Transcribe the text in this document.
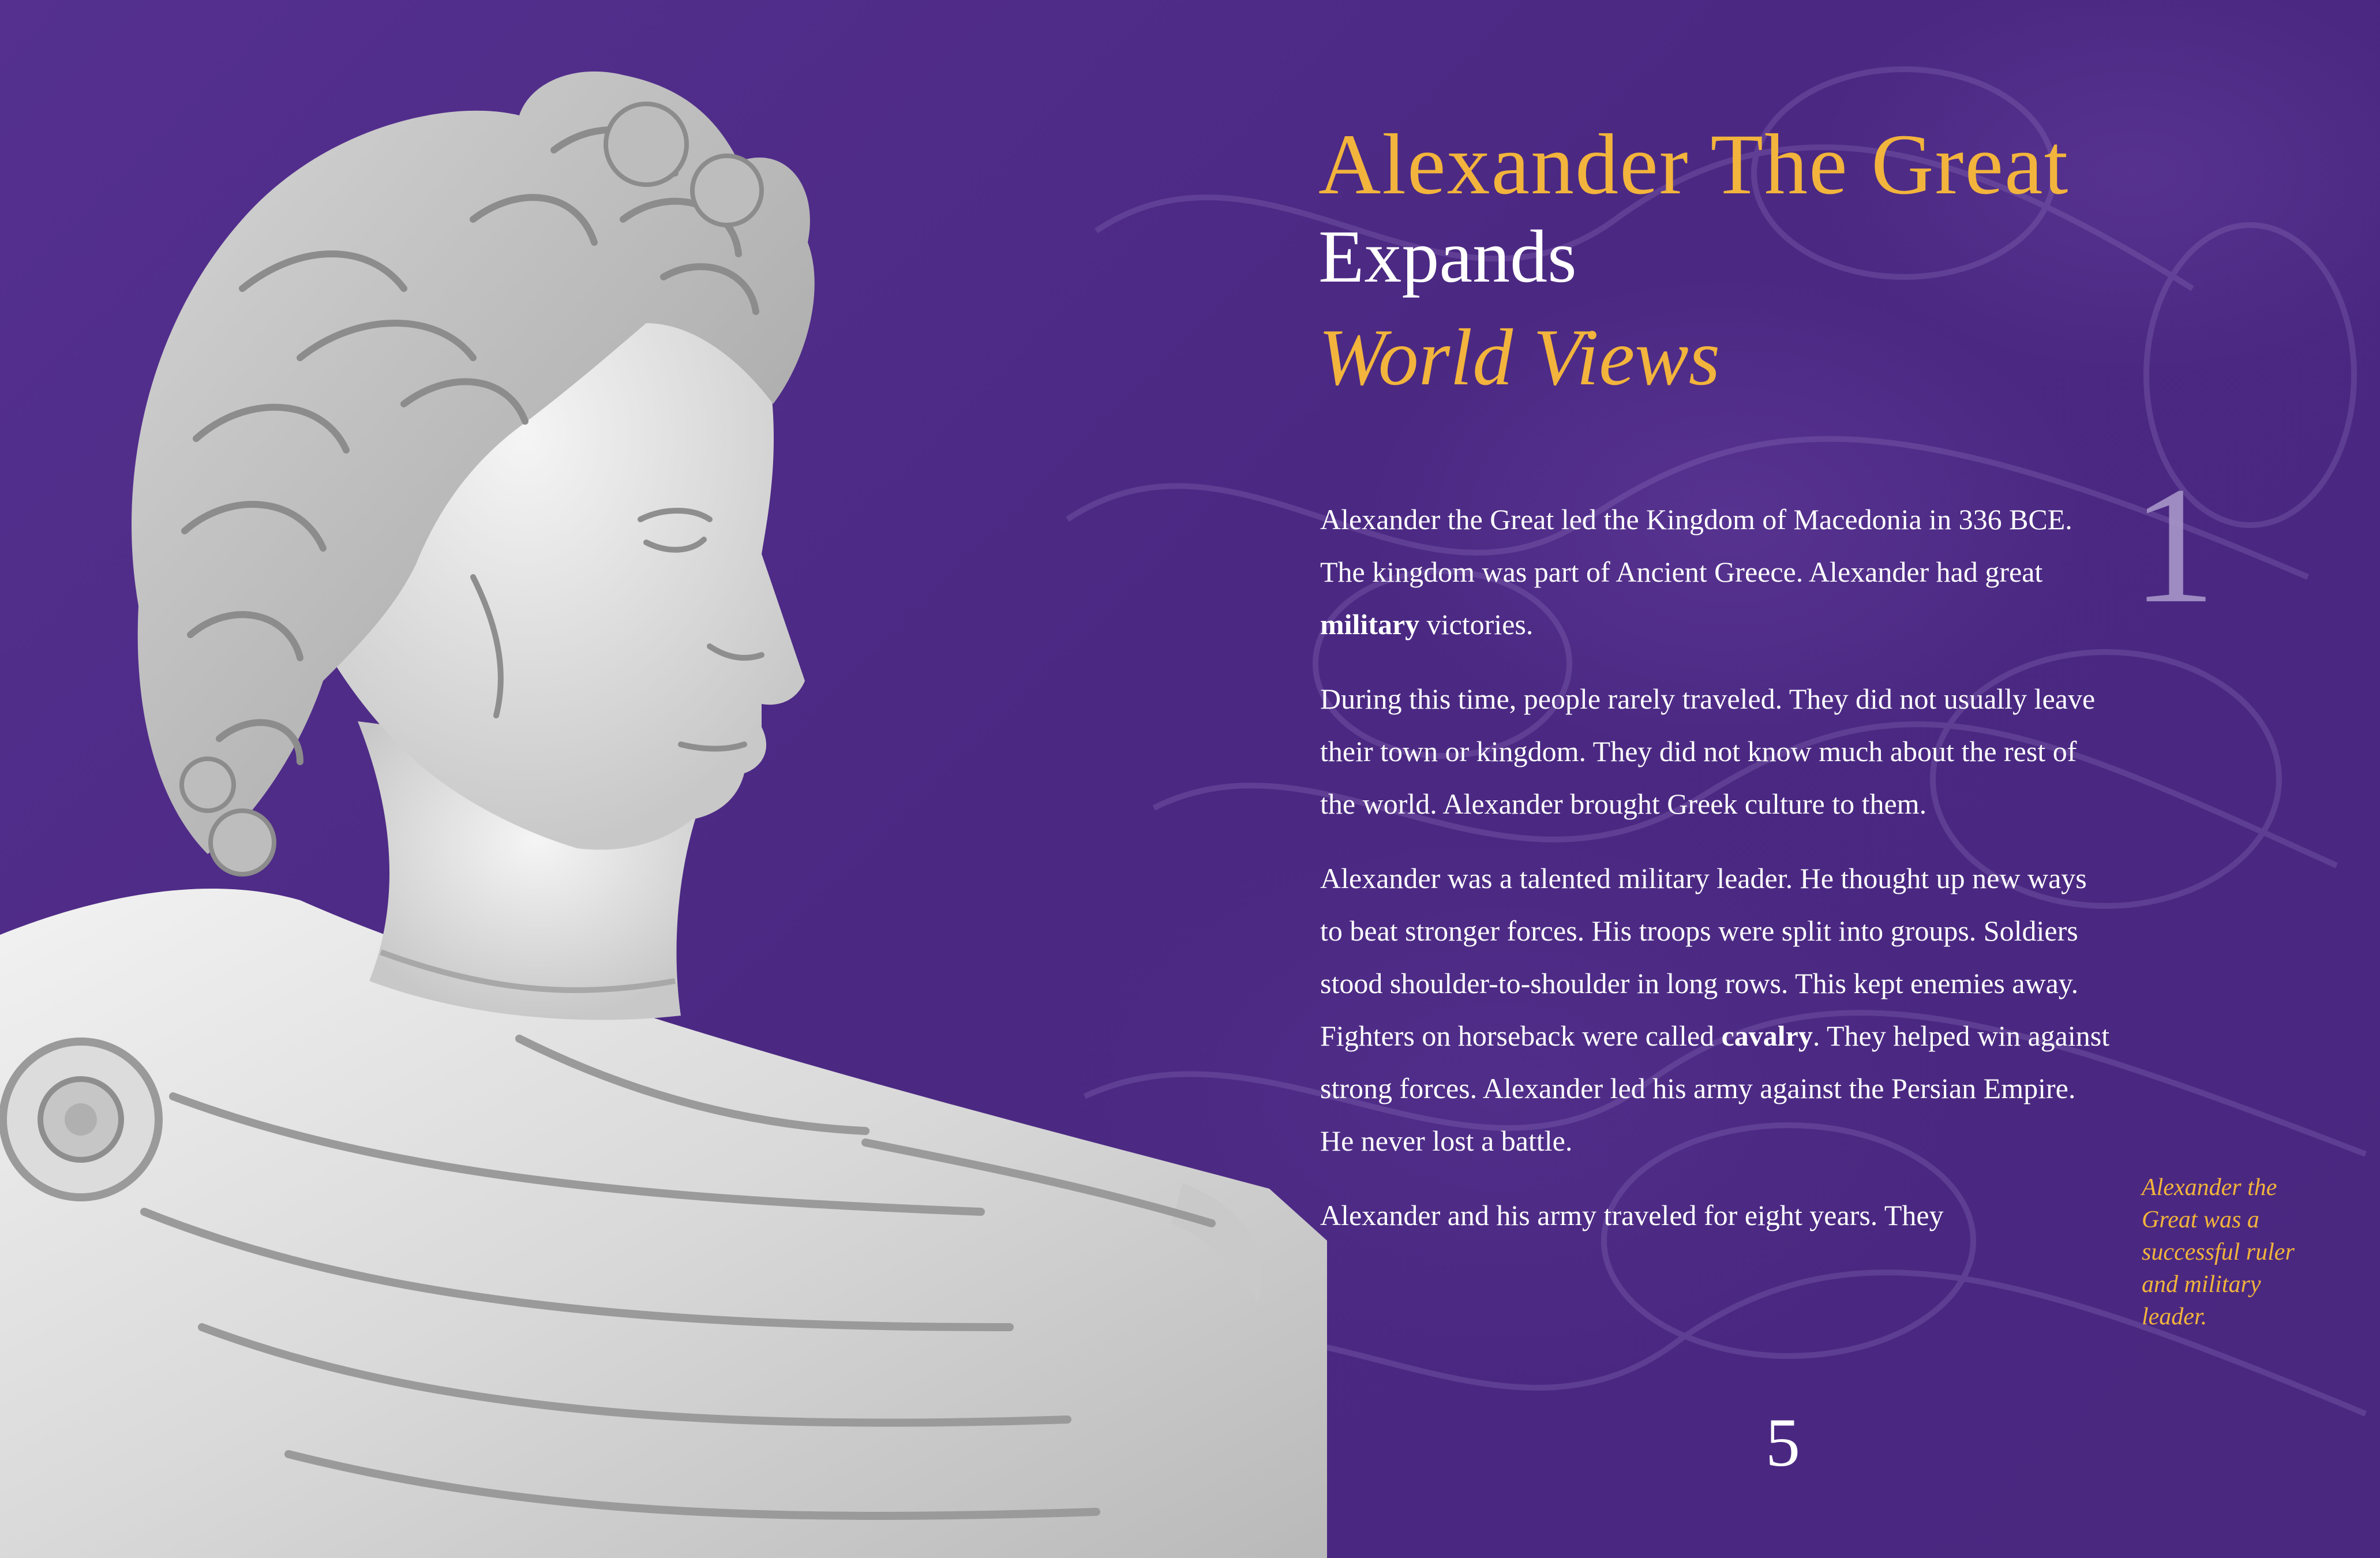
Alexander The Great
Expands
World Views
1

Alexander the Great led the Kingdom of Macedonia in 336 BCE. The kingdom was part of Ancient Greece. Alexander had great military victories.

During this time, people rarely traveled. They did not usually leave their town or kingdom. They did not know much about the rest of the world. Alexander brought Greek culture to them.

Alexander was a talented military leader. He thought up new ways to beat stronger forces. His troops were split into groups. Soldiers stood shoulder-to-shoulder in long rows. This kept enemies away. Fighters on horseback were called cavalry. They helped win against strong forces. Alexander led his army against the Persian Empire. He never lost a battle.

Alexander and his army traveled for eight years. They

Alexander the Great was a successful ruler and military leader.
5
